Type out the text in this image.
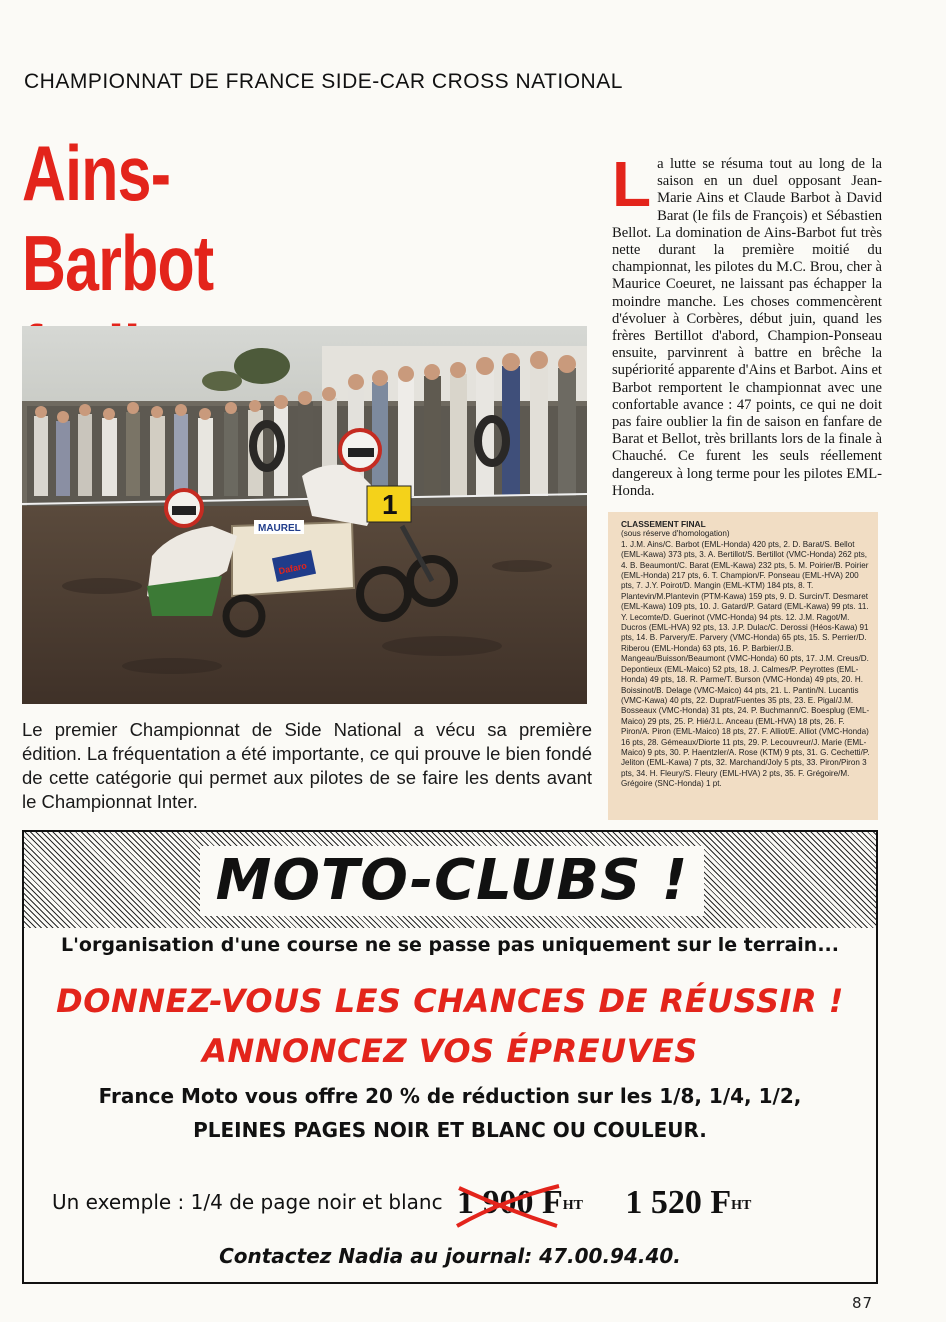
CHAMPIONNAT DE FRANCE SIDE-CAR CROSS NATIONAL
Ains-Barbot
MAUREL
Dafaro
1
Le premier Championnat de Side National a vécu sa première édition. La fréquentation a été importante, ce qui prouve le bien fondé de cette catégorie qui permet aux pilotes de se faire les dents avant le Championnat Inter.
L a lutte se résuma tout au long de la saison en un duel opposant Jean-Marie Ains et Claude Barbot à David Barat (le fils de François) et Sébastien Bellot. La domination de Ains-Barbot fut très nette durant la première moitié du championnat, les pilotes du M.C. Brou, cher à Maurice Coeuret, ne laissant pas échapper la moindre manche. Les choses commencèrent d'évoluer à Corbères, début juin, quand les frères Bertillot d'abord, Champion-Ponseau ensuite, parvinrent à battre en brêche la supériorité apparente d'Ains et Barbot. Ains et Barbot remportent le championnat avec une confortable avance : 47 points, ce qui ne doit pas faire oublier la fin de saison en fanfare de Barat et Bellot, très brillants lors de la finale à Chauché. Ce furent les seuls réellement dangereux à long terme pour les pilotes EML-Honda.
CLASSEMENT FINAL
(sous réserve d'homologation)
1. J.M. Ains/C. Barbot (EML-Honda) 420 pts, 2. D. Barat/S. Bellot (EML-Kawa) 373 pts, 3. A. Bertillot/S. Bertillot (VMC-Honda) 262 pts, 4. B. Beaumont/C. Barat (EML-Kawa) 232 pts, 5. M. Poirier/B. Poirier (EML-Honda) 217 pts, 6. T. Champion/F. Ponseau (EML-HVA) 200 pts, 7. J.Y. Poirot/D. Mangin (EML-KTM) 184 pts, 8. T. Plantevin/M.Plantevin (PTM-Kawa) 159 pts, 9. D. Surcin/T. Desmaret (EML-Kawa) 109 pts, 10. J. Gatard/P. Gatard (EML-Kawa) 99 pts. 11. Y. Lecomte/D. Guerinot (VMC-Honda) 94 pts. 12. J.M. Ragot/M. Ducros (EML-HVA) 92 pts, 13. J.P. Dulac/C. Derossi (Héos-Kawa) 91 pts, 14. B. Parvery/E. Parvery (VMC-Honda) 65 pts, 15. S. Perrier/D. Riberou (EML-Honda) 63 pts, 16. P. Barbier/J.B. Mangeau/Buisson/Beaumont (VMC-Honda) 60 pts, 17. J.M. Creus/D. Depontieux (EML-Maico) 52 pts, 18. J. Calmes/P. Peyrottes (EML-Honda) 49 pts, 18. R. Parme/T. Burson (VMC-Honda) 49 pts, 20. H. Boissinot/B. Delage (VMC-Maico) 44 pts, 21. L. Pantin/N. Lucantis (VMC-Kawa) 40 pts, 22. Duprat/Fuentes 35 pts, 23. E. Pigal/J.M. Bosseaux (VMC-Honda) 31 pts, 24. P. Buchmann/C. Boesplug (EML-Maico) 29 pts, 25. P. Hié/J.L. Anceau (EML-HVA) 18 pts, 26. F. Piron/A. Piron (EML-Maico) 18 pts, 27. F. Alliot/E. Alliot (VMC-Honda) 16 pts, 28. Gémeaux/Diorte 11 pts, 29. P. Lecouvreur/J. Marie (EML-Maico) 9 pts, 30. P. Haentzler/A. Rose (KTM) 9 pts, 31. G. Cechetti/P. Jeliton (EML-Kawa) 7 pts, 32. Marchand/Joly 5 pts, 33. Piron/Piron 3 pts, 34. H. Fleury/S. Fleury (EML-HVA) 2 pts, 35. F. Grégoire/M. Grégoire (SNC-Honda) 1 pt.
MOTO-CLUBS !
L'organisation d'une course ne se passe pas uniquement sur le terrain...
DONNEZ-VOUS LES CHANCES DE RÉUSSIR !
ANNONCEZ VOS ÉPREUVES
France Moto vous offre 20 % de réduction sur les 1/8, 1/4, 1/2,
PLEINES PAGES NOIR ET BLANC OU COULEUR.
Un exemple : 1/4 de page noir et blanc 1 900 FHT 1 520 FHT
Contactez Nadia au journal: 47.00.94.40.
87
